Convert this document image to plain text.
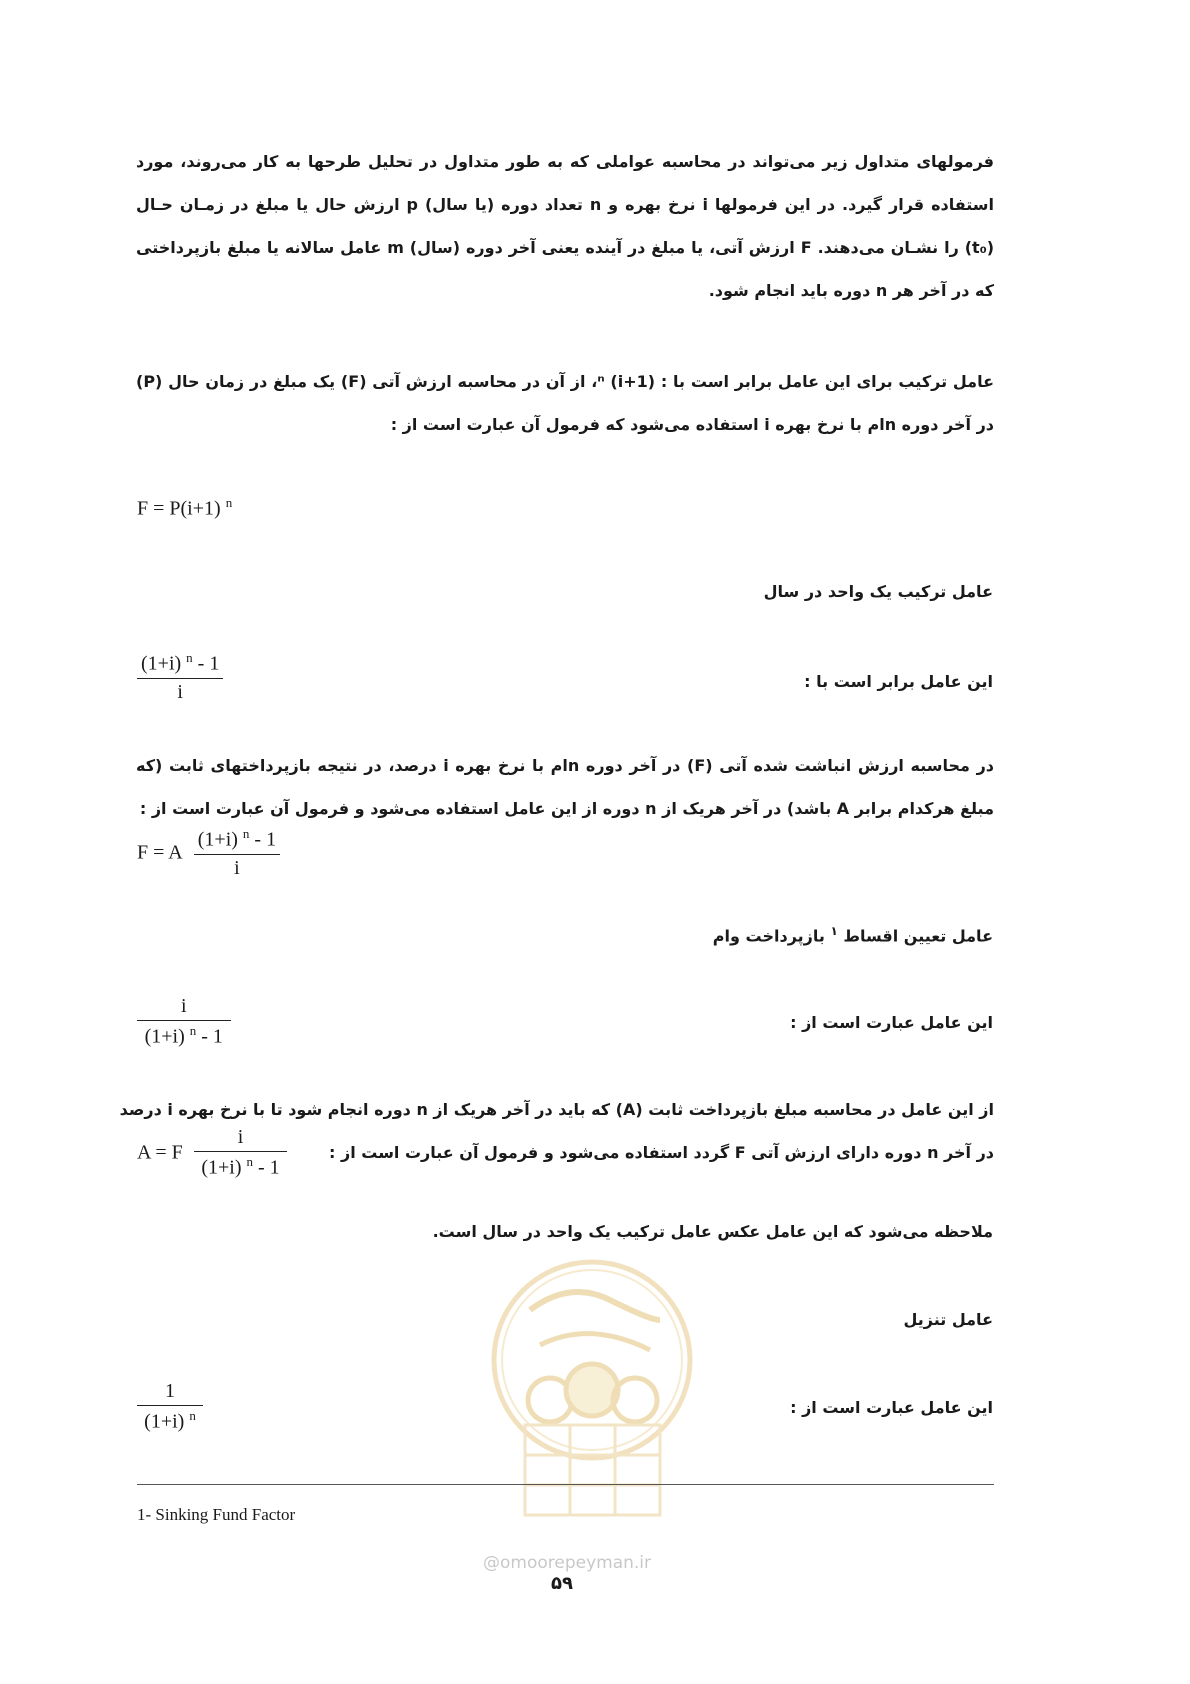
فرمولهای متداول زیر می‌تواند در محاسبه عواملی که به طور متداول در تحلیل طرحها به کار می‌روند، مورد استفاده قرار گیرد. در این فرمولها i نرخ بهره و n تعداد دوره (یا سال) p ارزش حال یا مبلغ در زمـان حـال (t₀) را نشـان می‌دهند. F ارزش آتی، یا مبلغ در آینده یعنی آخر دوره (سال) m عامل سالانه یا مبلغ بازپرداختی که در آخر هر n دوره باید انجام شود.
عامل ترکیب برای این عامل برابر است با : (1+i) ⁿ، از آن در محاسبه ارزش آتی (F) یک مبلغ در زمان حال (P) در آخر دوره nام با نرخ بهره i استفاده می‌شود که فرمول آن عبارت است از :
F = P(i+1) $^n$
عامل ترکیب یک واحد در سال
$\frac{(1+i) ^n - 1}{i}$	این عامل برابر است با :
در محاسبه ارزش انباشت شده آتی (F) در آخر دوره nام با نرخ بهره i درصد، در نتیجه بازپرداختهای ثابت (که مبلغ هرکدام برابر A باشد) در آخر هریک از n دوره از این عامل استفاده می‌شود و فرمول آن عبارت است از :
F = A $\frac{(1+i) ^n - 1}{i}$
عامل تعیین اقساط $^۱$ بازپرداخت وام
$\frac{i}{(1+i) ^n - 1}$	این عامل عبارت است از :
از این عامل در محاسبه مبلغ بازپرداخت ثابت (A) که باید در آخر هریک از n دوره انجام شود تا با نرخ بهره i درصد
در آخر n دوره دارای ارزش آتی F گردد استفاده می‌شود و فرمول آن عبارت است از :
A = F $\frac{i}{(1+i) ^n - 1}$
ملاحظه می‌شود که این عامل عکس عامل ترکیب یک واحد در سال است.
عامل تنزیل
$\frac{1}{(1+i) ^n}$	این عامل عبارت است از :
1- Sinking Fund Factor
@omoorepeyman.ir
۵۹
